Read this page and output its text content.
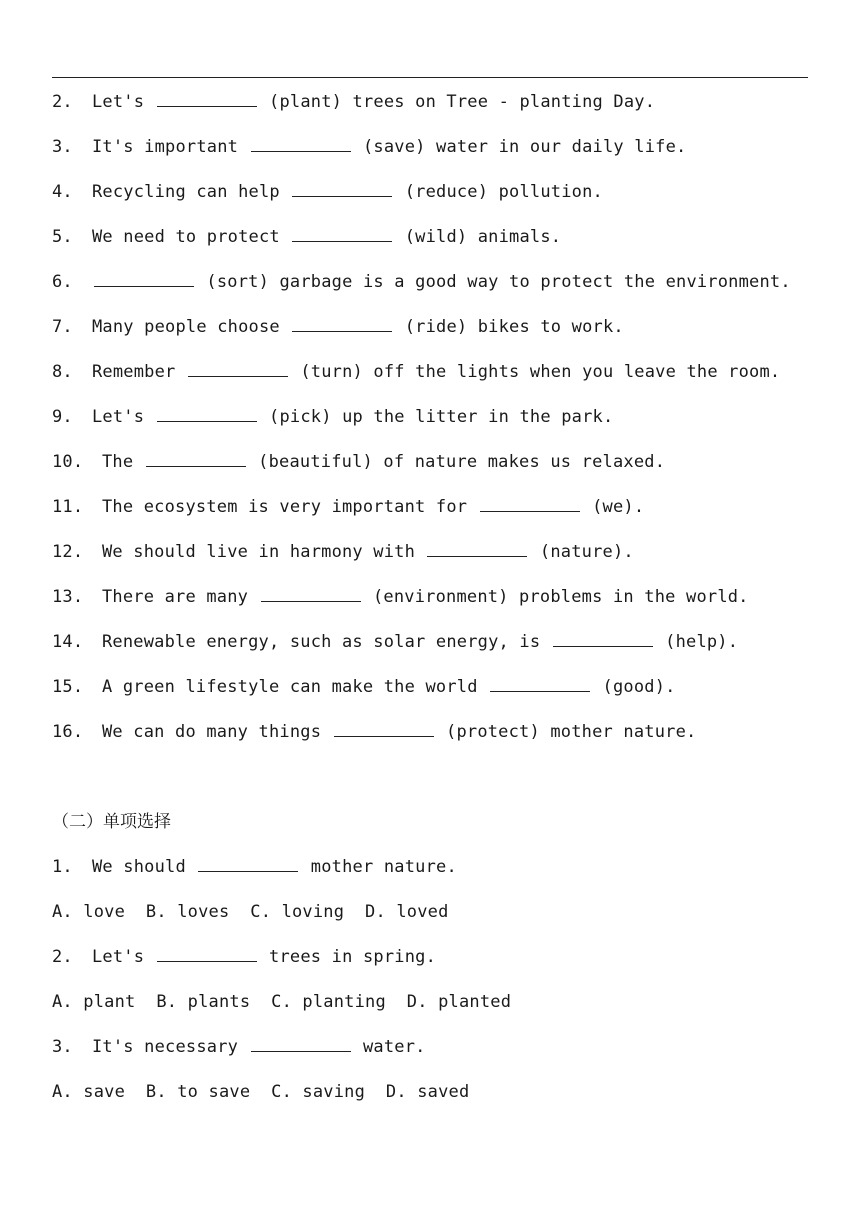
2. Let's	(plant) trees on Tree - planting Day.
3. It's important	(save) water in our daily life.
4. Recycling can help	(reduce) pollution.
5. We need to protect	(wild) animals.
6.	(sort) garbage is a good way to protect the environment.
7. Many people choose	(ride) bikes to work.
8. Remember	(turn) off the lights when you leave the room.
9. Let's	(pick) up the litter in the park.
10. The	(beautiful) of nature makes us relaxed.
11. The ecosystem is very important for	(we).
12. We should live in harmony with	(nature).
13. There are many	(environment) problems in the world.
14. Renewable energy, such as solar energy, is	(help).
15. A green lifestyle can make the world	(good).
16. We can do many things	(protect) mother nature.
（二）单项选择
1. We should	mother nature.
A. love  B. loves  C. loving  D. loved
2. Let's	trees in spring.
A. plant  B. plants  C. planting  D. planted
3. It's necessary	water.
A. save  B. to save  C. saving  D. saved
